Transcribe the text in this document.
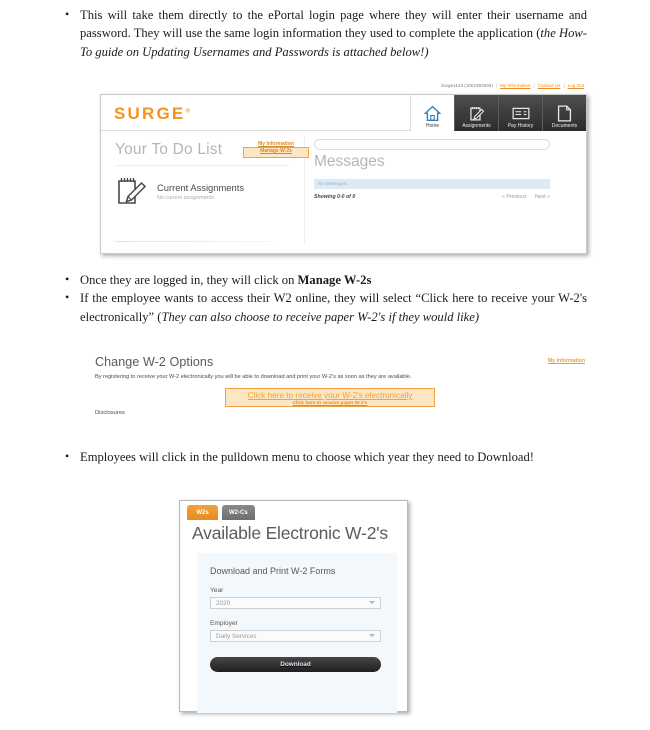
• This will take them directly to the ePortal login page where they will enter their username and password. They will use the same login information they used to complete the application (the How-To guide on Updating Usernames and Passwords is attached below!)
Surge1123 (1001993536) | My Information | Contact Us | Log Out
SURGE®
Home	Assignments	Pay History	Documents
Your To Do List	My Information
Manage W-2s
Current Assignments
No current assignments
Messages
No Messages.
Showing 0-0 of 0	« Previous Next »
• Once they are logged in, they will click on Manage W-2s
• If the employee wants to access their W2 online, they will select “Click here to receive your W-2's electronically” (They can also choose to receive paper W-2's if they would like)
Change W-2 Options	My Information
By registering to receive your W-2 electronically you will be able to download and print your W-2's as soon as they are available.
Click here to receive your W-2's electronically
Click here to receive paper W-2's
Disclosures
• Employees will click in the pulldown menu to choose which year they need to Download!
W2s	W2-Cs
Available Electronic W-2's
Download and Print W-2 Forms
Year
2020
Employer
Daily Services
Download
